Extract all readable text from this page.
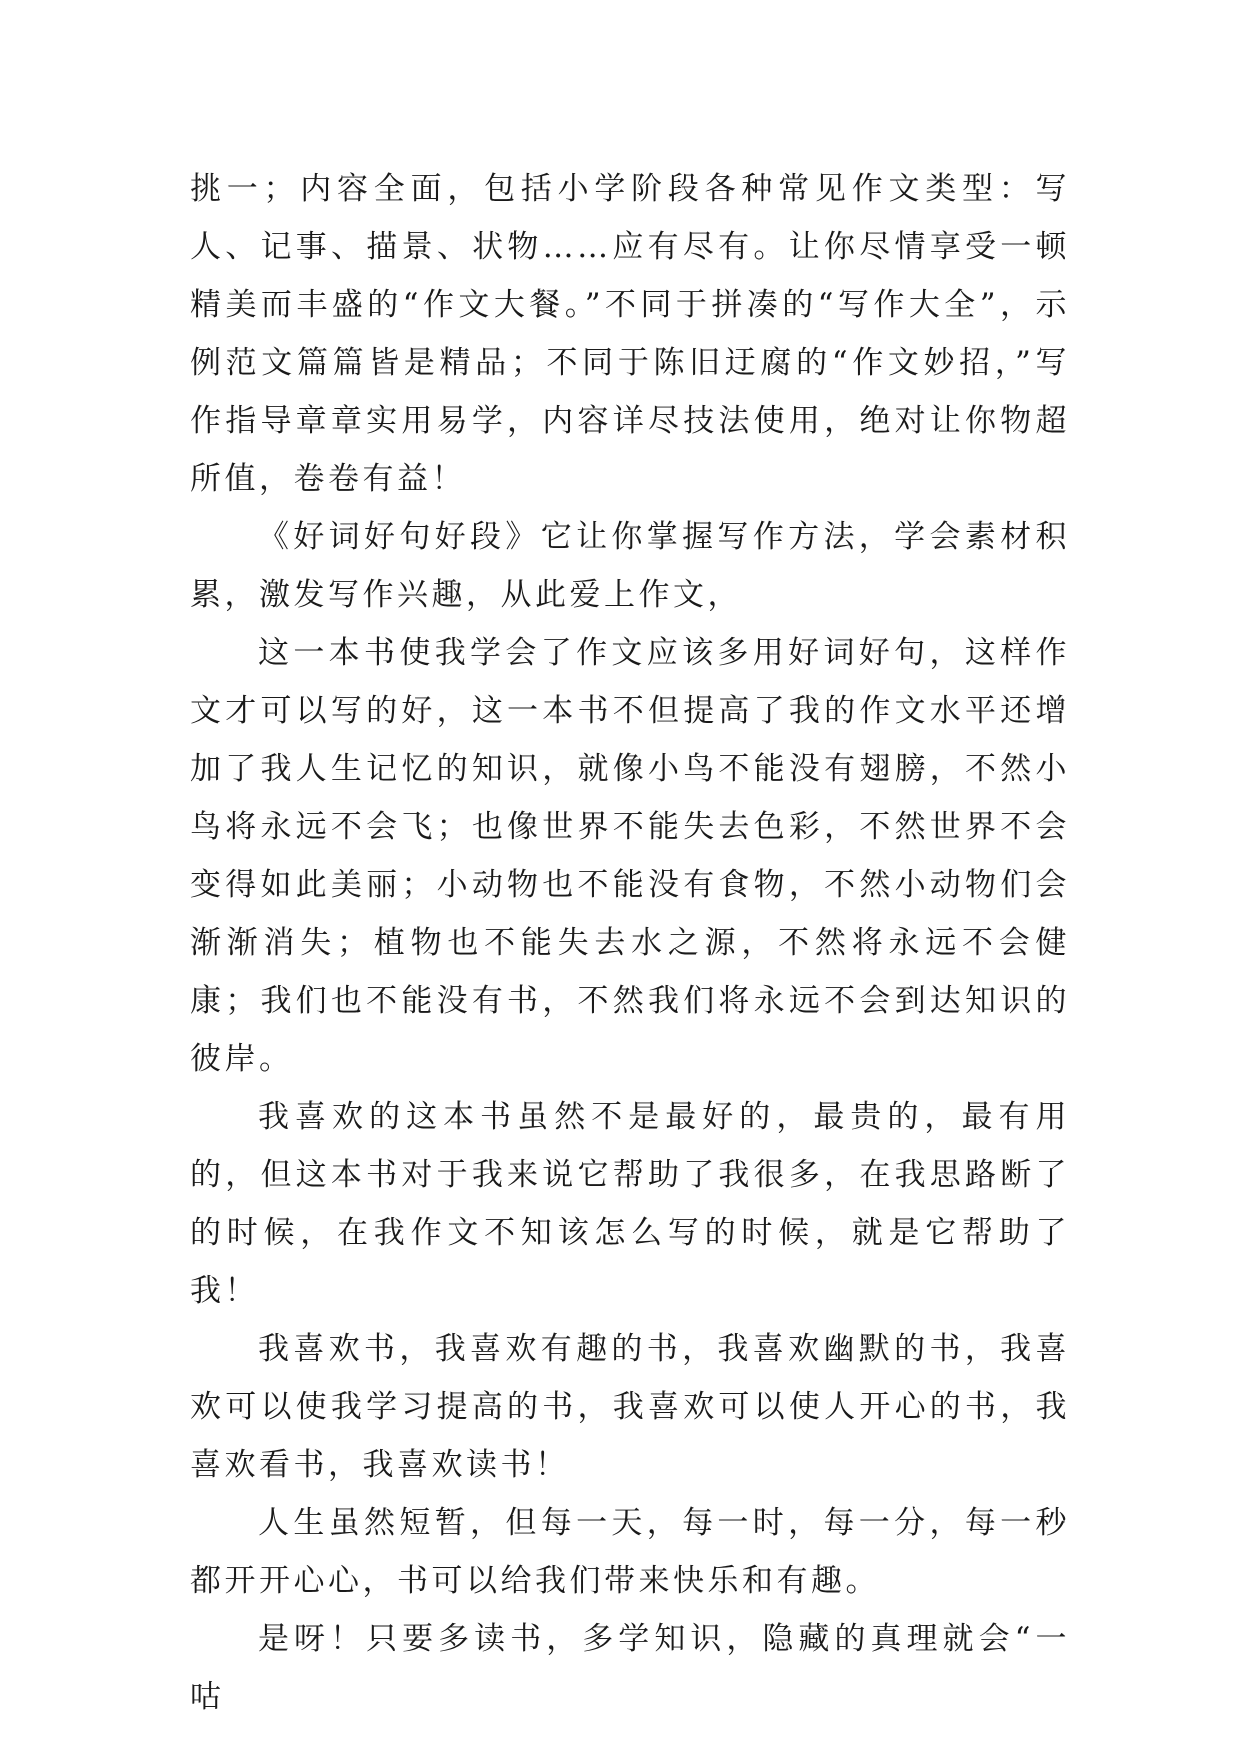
挑一；内容全面，包括小学阶段各种常见作文类型：写人、记事、描景、状物……应有尽有。让你尽情享受一顿精美而丰盛的“作文大餐。”不同于拼凑的“写作大全”，示例范文篇篇皆是精品；不同于陈旧迂腐的“作文妙招，”写作指导章章实用易学，内容详尽技法使用，绝对让你物超所值，卷卷有益！

《好词好句好段》它让你掌握写作方法，学会素材积累，激发写作兴趣，从此爱上作文，

这一本书使我学会了作文应该多用好词好句，这样作文才可以写的好，这一本书不但提高了我的作文水平还增加了我人生记忆的知识，就像小鸟不能没有翅膀，不然小鸟将永远不会飞；也像世界不能失去色彩，不然世界不会变得如此美丽；小动物也不能没有食物，不然小动物们会渐渐消失；植物也不能失去水之源，不然将永远不会健康；我们也不能没有书，不然我们将永远不会到达知识的彼岸。

我喜欢的这本书虽然不是最好的，最贵的，最有用的，但这本书对于我来说它帮助了我很多，在我思路断了的时候，在我作文不知该怎么写的时候，就是它帮助了我！

我喜欢书，我喜欢有趣的书，我喜欢幽默的书，我喜欢可以使我学习提高的书，我喜欢可以使人开心的书，我喜欢看书，我喜欢读书！

人生虽然短暂，但每一天，每一时，每一分，每一秒都开开心心，书可以给我们带来快乐和有趣。

是呀！只要多读书，多学知识，隐藏的真理就会“一咕
